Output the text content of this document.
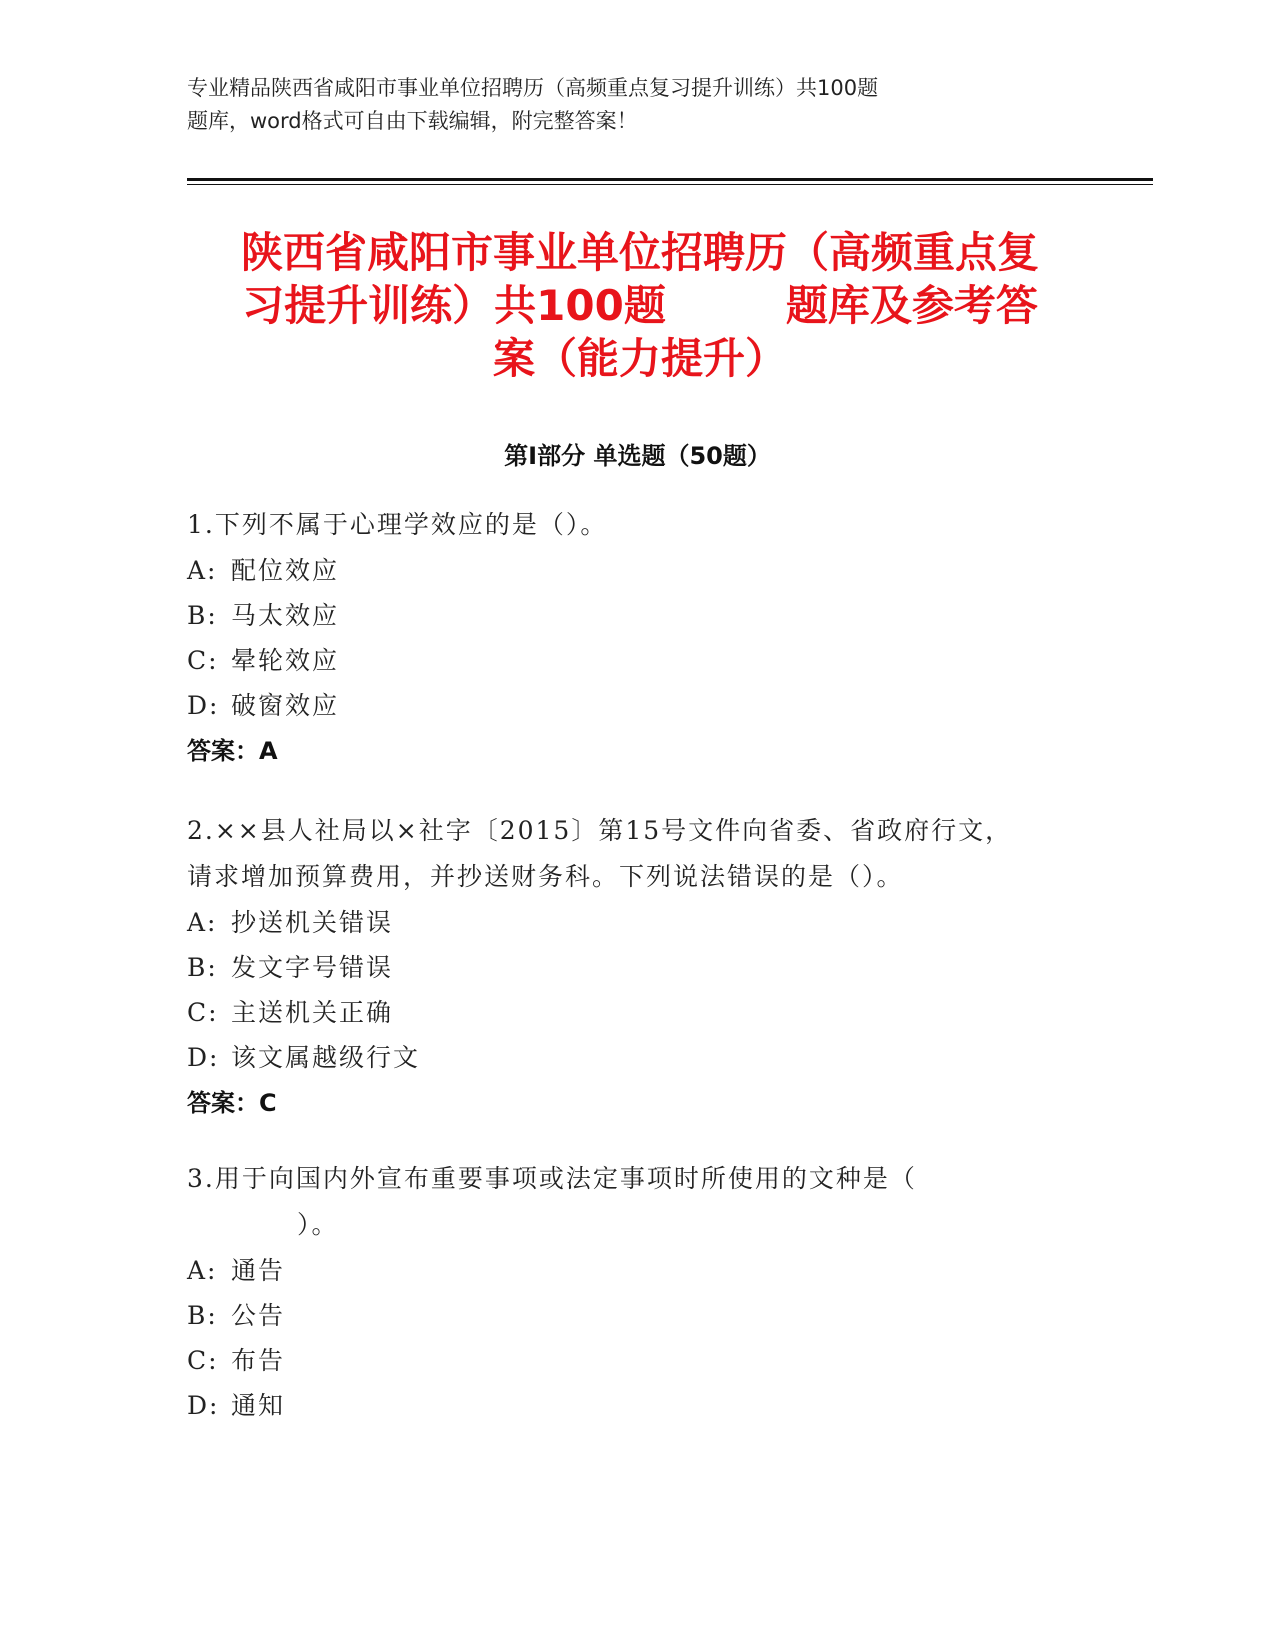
专业精品陕西省咸阳市事业单位招聘历（高频重点复习提升训练）共100题
题库，word格式可自由下载编辑，附完整答案！
陕西省咸阳市事业单位招聘历（高频重点复
习提升训练）共100题	题库及参考答
案（能力提升）
第I部分 单选题（50题）
1.下列不属于心理学效应的是（）。
A: 配位效应
B: 马太效应
C: 晕轮效应
D: 破窗效应
答案：A
2.××县人社局以×社字〔2015〕第15号文件向省委、省政府行文，
请求增加预算费用，并抄送财务科。下列说法错误的是（）。
A: 抄送机关错误
B: 发文字号错误
C: 主送机关正确
D: 该文属越级行文
答案：C
3.用于向国内外宣布重要事项或法定事项时所使用的文种是（
）。
A: 通告
B: 公告
C: 布告
D: 通知
